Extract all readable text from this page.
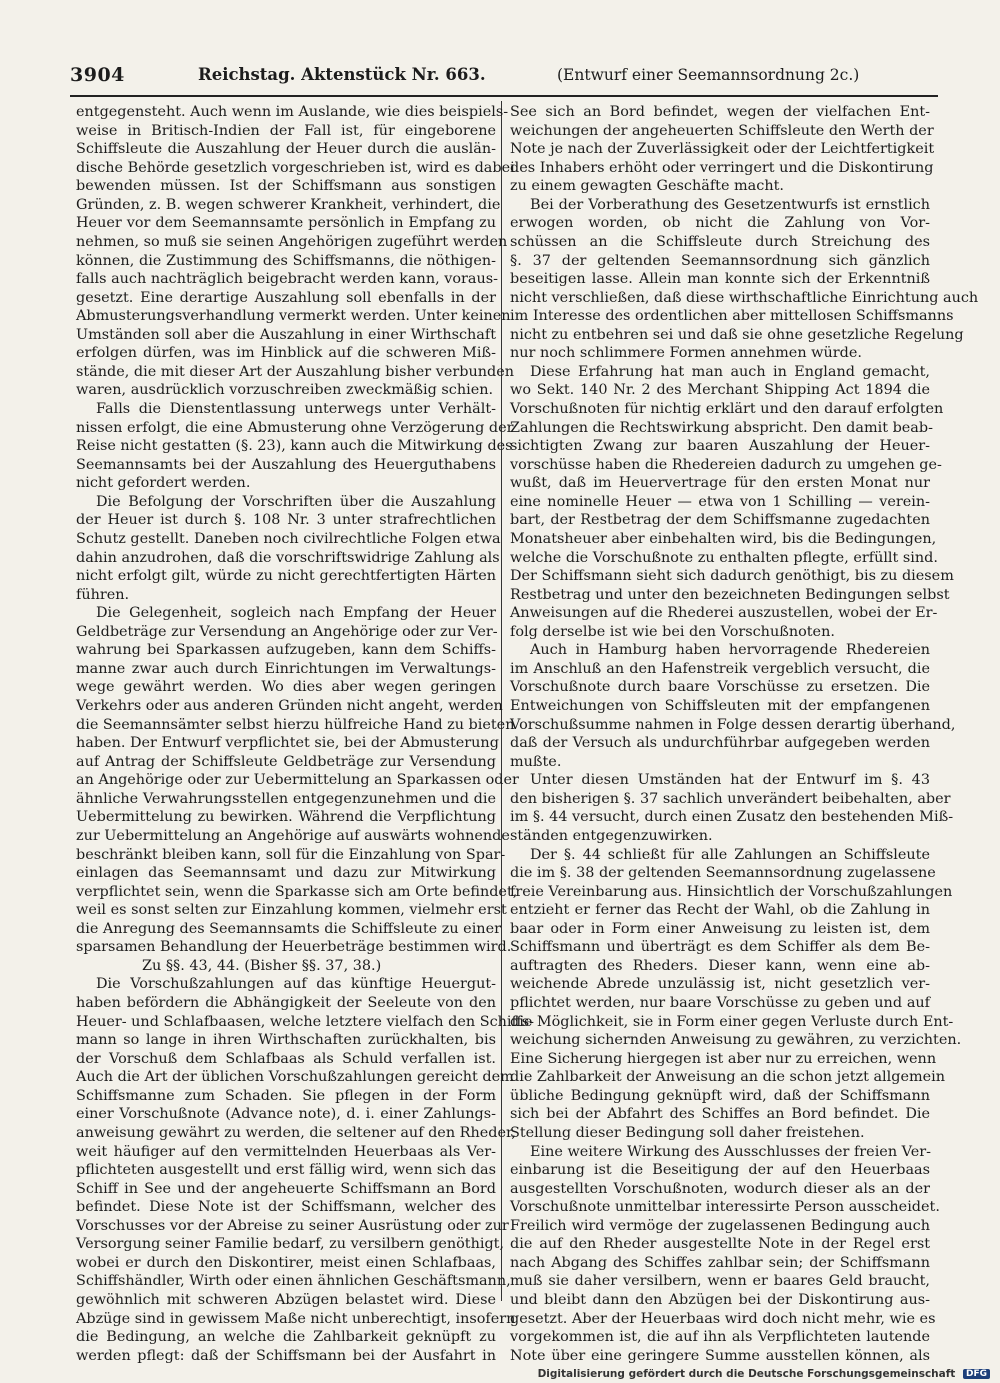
3904	Reichstag. Aktenstück Nr. 663.	(Entwurf einer Seemannsordnung 2c.)
entgegensteht. Auch wenn im Auslande, wie dies beispiels-
weise in Britisch-Indien der Fall ist, für eingeborene
Schiffsleute die Auszahlung der Heuer durch die auslän-
dische Behörde gesetzlich vorgeschrieben ist, wird es dabei
bewenden müssen. Ist der Schiffsmann aus sonstigen
Gründen, z. B. wegen schwerer Krankheit, verhindert, die
Heuer vor dem Seemannsamte persönlich in Empfang zu
nehmen, so muß sie seinen Angehörigen zugeführt werden
können, die Zustimmung des Schiffsmanns, die nöthigen-
falls auch nachträglich beigebracht werden kann, voraus-
gesetzt. Eine derartige Auszahlung soll ebenfalls in der
Abmusterungsverhandlung vermerkt werden. Unter keinen
Umständen soll aber die Auszahlung in einer Wirthschaft
erfolgen dürfen, was im Hinblick auf die schweren Miß-
stände, die mit dieser Art der Auszahlung bisher verbunden
waren, ausdrücklich vorzuschreiben zweckmäßig schien.
Falls die Dienstentlassung unterwegs unter Verhält-
nissen erfolgt, die eine Abmusterung ohne Verzögerung der
Reise nicht gestatten (§. 23), kann auch die Mitwirkung des
Seemannsamts bei der Auszahlung des Heuerguthabens
nicht gefordert werden.
Die Befolgung der Vorschriften über die Auszahlung
der Heuer ist durch §. 108 Nr. 3 unter strafrechtlichen
Schutz gestellt. Daneben noch civilrechtliche Folgen etwa
dahin anzudrohen, daß die vorschriftswidrige Zahlung als
nicht erfolgt gilt, würde zu nicht gerechtfertigten Härten
führen.
Die Gelegenheit, sogleich nach Empfang der Heuer
Geldbeträge zur Versendung an Angehörige oder zur Ver-
wahrung bei Sparkassen aufzugeben, kann dem Schiffs-
manne zwar auch durch Einrichtungen im Verwaltungs-
wege gewährt werden. Wo dies aber wegen geringen
Verkehrs oder aus anderen Gründen nicht angeht, werden
die Seemannsämter selbst hierzu hülfreiche Hand zu bieten
haben. Der Entwurf verpflichtet sie, bei der Abmusterung
auf Antrag der Schiffsleute Geldbeträge zur Versendung
an Angehörige oder zur Uebermittelung an Sparkassen oder
ähnliche Verwahrungsstellen entgegenzunehmen und die
Uebermittelung zu bewirken. Während die Verpflichtung
zur Uebermittelung an Angehörige auf auswärts wohnende
beschränkt bleiben kann, soll für die Einzahlung von Spar-
einlagen das Seemannsamt und dazu zur Mitwirkung
verpflichtet sein, wenn die Sparkasse sich am Orte befindet,
weil es sonst selten zur Einzahlung kommen, vielmehr erst
die Anregung des Seemannsamts die Schiffsleute zu einer
sparsamen Behandlung der Heuerbeträge bestimmen wird.
Zu §§. 43, 44. (Bisher §§. 37, 38.)
Die Vorschußzahlungen auf das künftige Heuergut-
haben befördern die Abhängigkeit der Seeleute von den
Heuer- und Schlafbaasen, welche letztere vielfach den Schiffs-
mann so lange in ihren Wirthschaften zurückhalten, bis
der Vorschuß dem Schlafbaas als Schuld verfallen ist.
Auch die Art der üblichen Vorschußzahlungen gereicht dem
Schiffsmanne zum Schaden. Sie pflegen in der Form
einer Vorschußnote (Advance note), d. i. einer Zahlungs-
anweisung gewährt zu werden, die seltener auf den Rheder,
weit häufiger auf den vermittelnden Heuerbaas als Ver-
pflichteten ausgestellt und erst fällig wird, wenn sich das
Schiff in See und der angeheuerte Schiffsmann an Bord
befindet. Diese Note ist der Schiffsmann, welcher des
Vorschusses vor der Abreise zu seiner Ausrüstung oder zur
Versorgung seiner Familie bedarf, zu versilbern genöthigt,
wobei er durch den Diskontirer, meist einen Schlafbaas,
Schiffshändler, Wirth oder einen ähnlichen Geschäftsmann,
gewöhnlich mit schweren Abzügen belastet wird. Diese
Abzüge sind in gewissem Maße nicht unberechtigt, insofern
die Bedingung, an welche die Zahlbarkeit geknüpft zu
werden pflegt: daß der Schiffsmann bei der Ausfahrt in
See sich an Bord befindet, wegen der vielfachen Ent-
weichungen der angeheuerten Schiffsleute den Werth der
Note je nach der Zuverlässigkeit oder der Leichtfertigkeit
des Inhabers erhöht oder verringert und die Diskontirung
zu einem gewagten Geschäfte macht.
Bei der Vorberathung des Gesetzentwurfs ist ernstlich
erwogen worden, ob nicht die Zahlung von Vor-
schüssen an die Schiffsleute durch Streichung des
§. 37 der geltenden Seemannsordnung sich gänzlich
beseitigen lasse. Allein man konnte sich der Erkenntniß
nicht verschließen, daß diese wirthschaftliche Einrichtung auch
im Interesse des ordentlichen aber mittellosen Schiffsmanns
nicht zu entbehren sei und daß sie ohne gesetzliche Regelung
nur noch schlimmere Formen annehmen würde.
Diese Erfahrung hat man auch in England gemacht,
wo Sekt. 140 Nr. 2 des Merchant Shipping Act 1894 die
Vorschußnoten für nichtig erklärt und den darauf erfolgten
Zahlungen die Rechtswirkung abspricht. Den damit beab-
sichtigten Zwang zur baaren Auszahlung der Heuer-
vorschüsse haben die Rhedereien dadurch zu umgehen ge-
wußt, daß im Heuervertrage für den ersten Monat nur
eine nominelle Heuer — etwa von 1 Schilling — verein-
bart, der Restbetrag der dem Schiffsmanne zugedachten
Monatsheuer aber einbehalten wird, bis die Bedingungen,
welche die Vorschußnote zu enthalten pflegte, erfüllt sind.
Der Schiffsmann sieht sich dadurch genöthigt, bis zu diesem
Restbetrag und unter den bezeichneten Bedingungen selbst
Anweisungen auf die Rhederei auszustellen, wobei der Er-
folg derselbe ist wie bei den Vorschußnoten.
Auch in Hamburg haben hervorragende Rhedereien
im Anschluß an den Hafenstreik vergeblich versucht, die
Vorschußnote durch baare Vorschüsse zu ersetzen. Die
Entweichungen von Schiffsleuten mit der empfangenen
Vorschußsumme nahmen in Folge dessen derartig überhand,
daß der Versuch als undurchführbar aufgegeben werden
mußte.
Unter diesen Umständen hat der Entwurf im §. 43
den bisherigen §. 37 sachlich unverändert beibehalten, aber
im §. 44 versucht, durch einen Zusatz den bestehenden Miß-
ständen entgegenzuwirken.
Der §. 44 schließt für alle Zahlungen an Schiffsleute
die im §. 38 der geltenden Seemannsordnung zugelassene
freie Vereinbarung aus. Hinsichtlich der Vorschußzahlungen
entzieht er ferner das Recht der Wahl, ob die Zahlung in
baar oder in Form einer Anweisung zu leisten ist, dem
Schiffsmann und überträgt es dem Schiffer als dem Be-
auftragten des Rheders. Dieser kann, wenn eine ab-
weichende Abrede unzulässig ist, nicht gesetzlich ver-
pflichtet werden, nur baare Vorschüsse zu geben und auf
die Möglichkeit, sie in Form einer gegen Verluste durch Ent-
weichung sichernden Anweisung zu gewähren, zu verzichten.
Eine Sicherung hiergegen ist aber nur zu erreichen, wenn
die Zahlbarkeit der Anweisung an die schon jetzt allgemein
übliche Bedingung geknüpft wird, daß der Schiffsmann
sich bei der Abfahrt des Schiffes an Bord befindet. Die
Stellung dieser Bedingung soll daher freistehen.
Eine weitere Wirkung des Ausschlusses der freien Ver-
einbarung ist die Beseitigung der auf den Heuerbaas
ausgestellten Vorschußnoten, wodurch dieser als an der
Vorschußnote unmittelbar interessirte Person ausscheidet.
Freilich wird vermöge der zugelassenen Bedingung auch
die auf den Rheder ausgestellte Note in der Regel erst
nach Abgang des Schiffes zahlbar sein; der Schiffsmann
muß sie daher versilbern, wenn er baares Geld braucht,
und bleibt dann den Abzügen bei der Diskontirung aus-
gesetzt. Aber der Heuerbaas wird doch nicht mehr, wie es
vorgekommen ist, die auf ihn als Verpflichteten lautende
Note über eine geringere Summe ausstellen können, als
Digitalisierung gefördert durch die Deutsche Forschungsgemeinschaft DFG
